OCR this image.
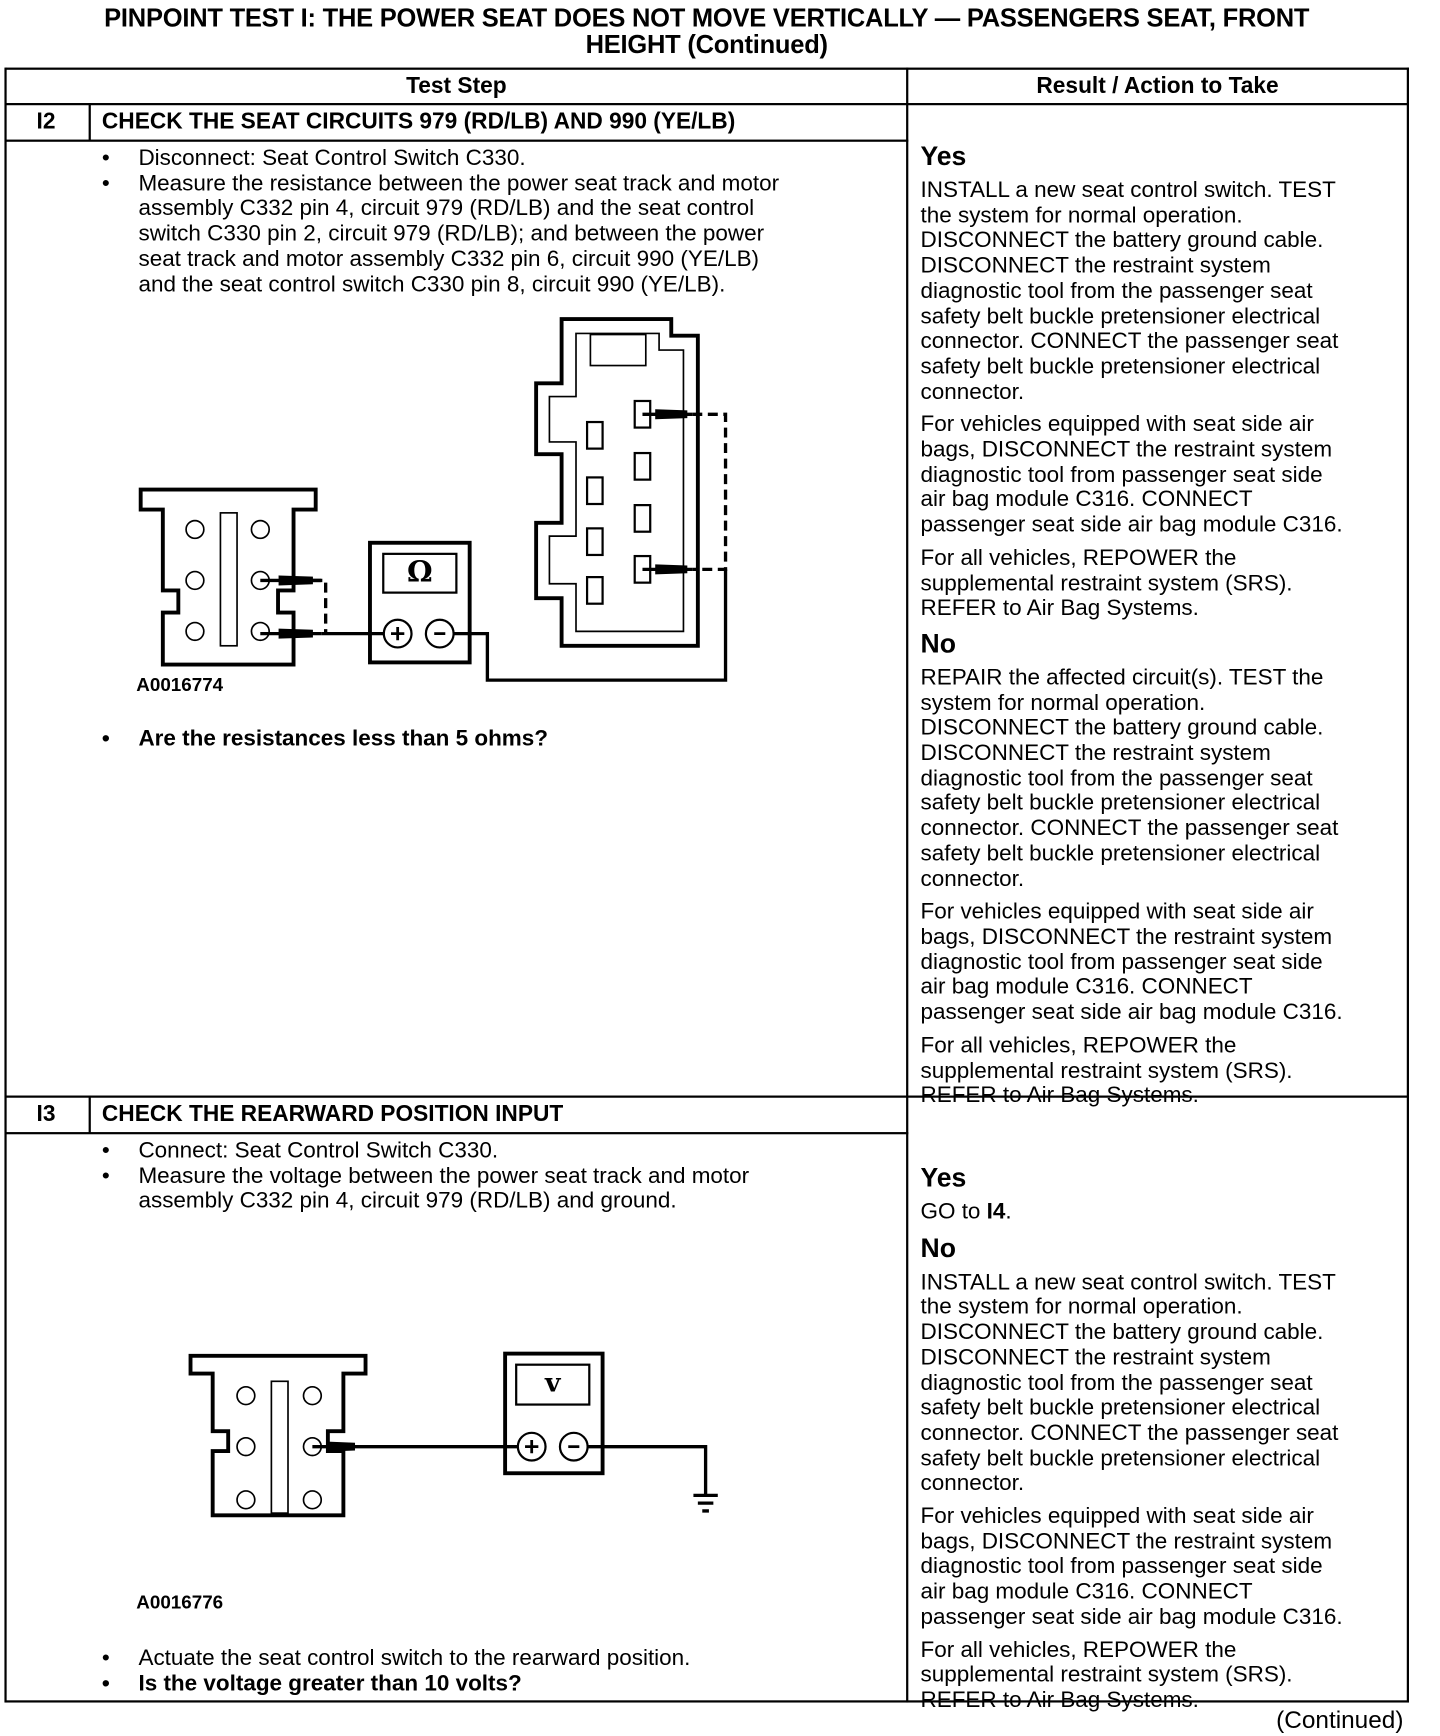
PINPOINT TEST I: THE POWER SEAT DOES NOT MOVE VERTICALLY — PASSENGERS SEAT, FRONT
HEIGHT (Continued)
Test Step	Result / Action to Take
I2 CHECK THE SEAT CIRCUITS 979 (RD/LB) AND 990 (YE/LB)
• Disconnect: Seat Control Switch C330.
• Measure the resistance between the power seat track and motor
assembly C332 pin 4, circuit 979 (RD/LB) and the seat control
switch C330 pin 2, circuit 979 (RD/LB); and between the power
seat track and motor assembly C332 pin 6, circuit 990 (YE/LB)
and the seat control switch C330 pin 8, circuit 990 (YE/LB).
• Are the resistances less than 5 ohms?
Yes
INSTALL a new seat control switch. TEST
the system for normal operation.
DISCONNECT the battery ground cable.
DISCONNECT the restraint system
diagnostic tool from the passenger seat
safety belt buckle pretensioner electrical
connector. CONNECT the passenger seat
safety belt buckle pretensioner electrical
connector.
For vehicles equipped with seat side air
bags, DISCONNECT the restraint system
diagnostic tool from passenger seat side
air bag module C316. CONNECT
passenger seat side air bag module C316.
For all vehicles, REPOWER the
supplemental restraint system (SRS).
REFER to Air Bag Systems.
No
REPAIR the affected circuit(s). TEST the
system for normal operation.
DISCONNECT the battery ground cable.
DISCONNECT the restraint system
diagnostic tool from the passenger seat
safety belt buckle pretensioner electrical
connector. CONNECT the passenger seat
safety belt buckle pretensioner electrical
connector.
For vehicles equipped with seat side air
bags, DISCONNECT the restraint system
diagnostic tool from passenger seat side
air bag module C316. CONNECT
passenger seat side air bag module C316.
For all vehicles, REPOWER the
supplemental restraint system (SRS).
REFER to Air Bag Systems.
Ω
A0016774
I3 CHECK THE REARWARD POSITION INPUT
• Connect: Seat Control Switch C330.
• Measure the voltage between the power seat track and motor
assembly C332 pin 4, circuit 979 (RD/LB) and ground.
• Actuate the seat control switch to the rearward position.
• Is the voltage greater than 10 volts?
Yes
GO to I4.
No
INSTALL a new seat control switch. TEST
the system for normal operation.
DISCONNECT the battery ground cable.
DISCONNECT the restraint system
diagnostic tool from the passenger seat
safety belt buckle pretensioner electrical
connector. CONNECT the passenger seat
safety belt buckle pretensioner electrical
connector.
For vehicles equipped with seat side air
bags, DISCONNECT the restraint system
diagnostic tool from passenger seat side
air bag module C316. CONNECT
passenger seat side air bag module C316.
For all vehicles, REPOWER the
supplemental restraint system (SRS).
REFER to Air Bag Systems.
v
A0016776
(Continued)
